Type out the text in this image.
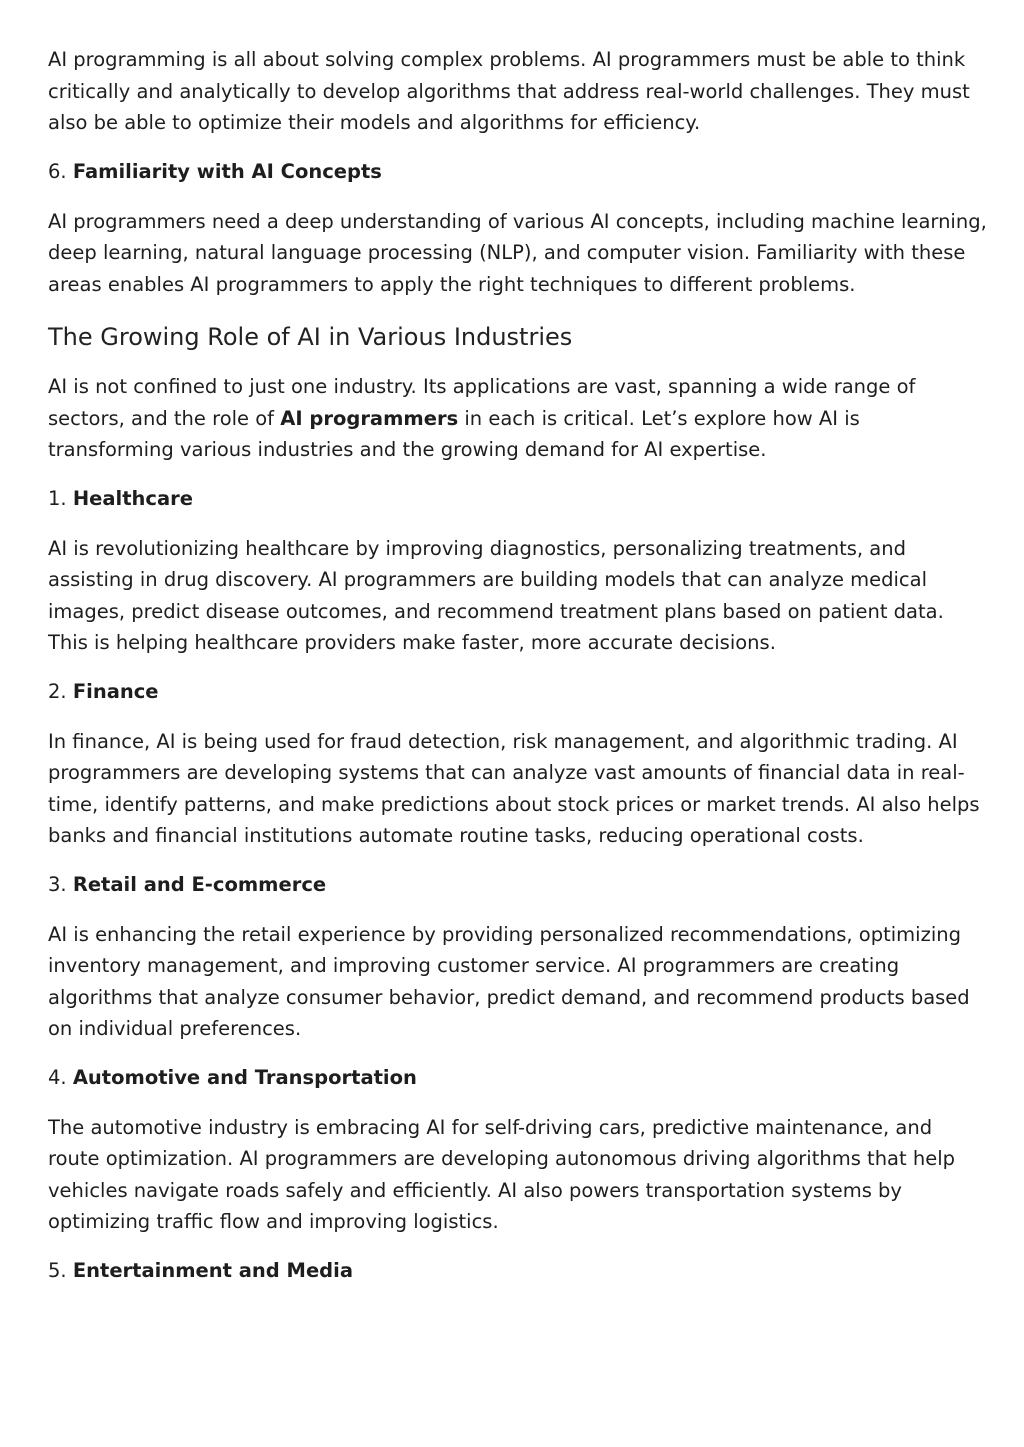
AI programming is all about solving complex problems. AI programmers must be able to think critically and analytically to develop algorithms that address real-world challenges. They must also be able to optimize their models and algorithms for efficiency.

6. Familiarity with AI Concepts

AI programmers need a deep understanding of various AI concepts, including machine learning, deep learning, natural language processing (NLP), and computer vision. Familiarity with these areas enables AI programmers to apply the right techniques to different problems.

The Growing Role of AI in Various Industries

AI is not confined to just one industry. Its applications are vast, spanning a wide range of sectors, and the role of AI programmers in each is critical. Let’s explore how AI is transforming various industries and the growing demand for AI expertise.

1. Healthcare

AI is revolutionizing healthcare by improving diagnostics, personalizing treatments, and assisting in drug discovery. AI programmers are building models that can analyze medical images, predict disease outcomes, and recommend treatment plans based on patient data. This is helping healthcare providers make faster, more accurate decisions.

2. Finance

In finance, AI is being used for fraud detection, risk management, and algorithmic trading. AI programmers are developing systems that can analyze vast amounts of financial data in real-time, identify patterns, and make predictions about stock prices or market trends. AI also helps banks and financial institutions automate routine tasks, reducing operational costs.

3. Retail and E-commerce

AI is enhancing the retail experience by providing personalized recommendations, optimizing inventory management, and improving customer service. AI programmers are creating algorithms that analyze consumer behavior, predict demand, and recommend products based on individual preferences.

4. Automotive and Transportation

The automotive industry is embracing AI for self-driving cars, predictive maintenance, and route optimization. AI programmers are developing autonomous driving algorithms that help vehicles navigate roads safely and efficiently. AI also powers transportation systems by optimizing traffic flow and improving logistics.

5. Entertainment and Media
